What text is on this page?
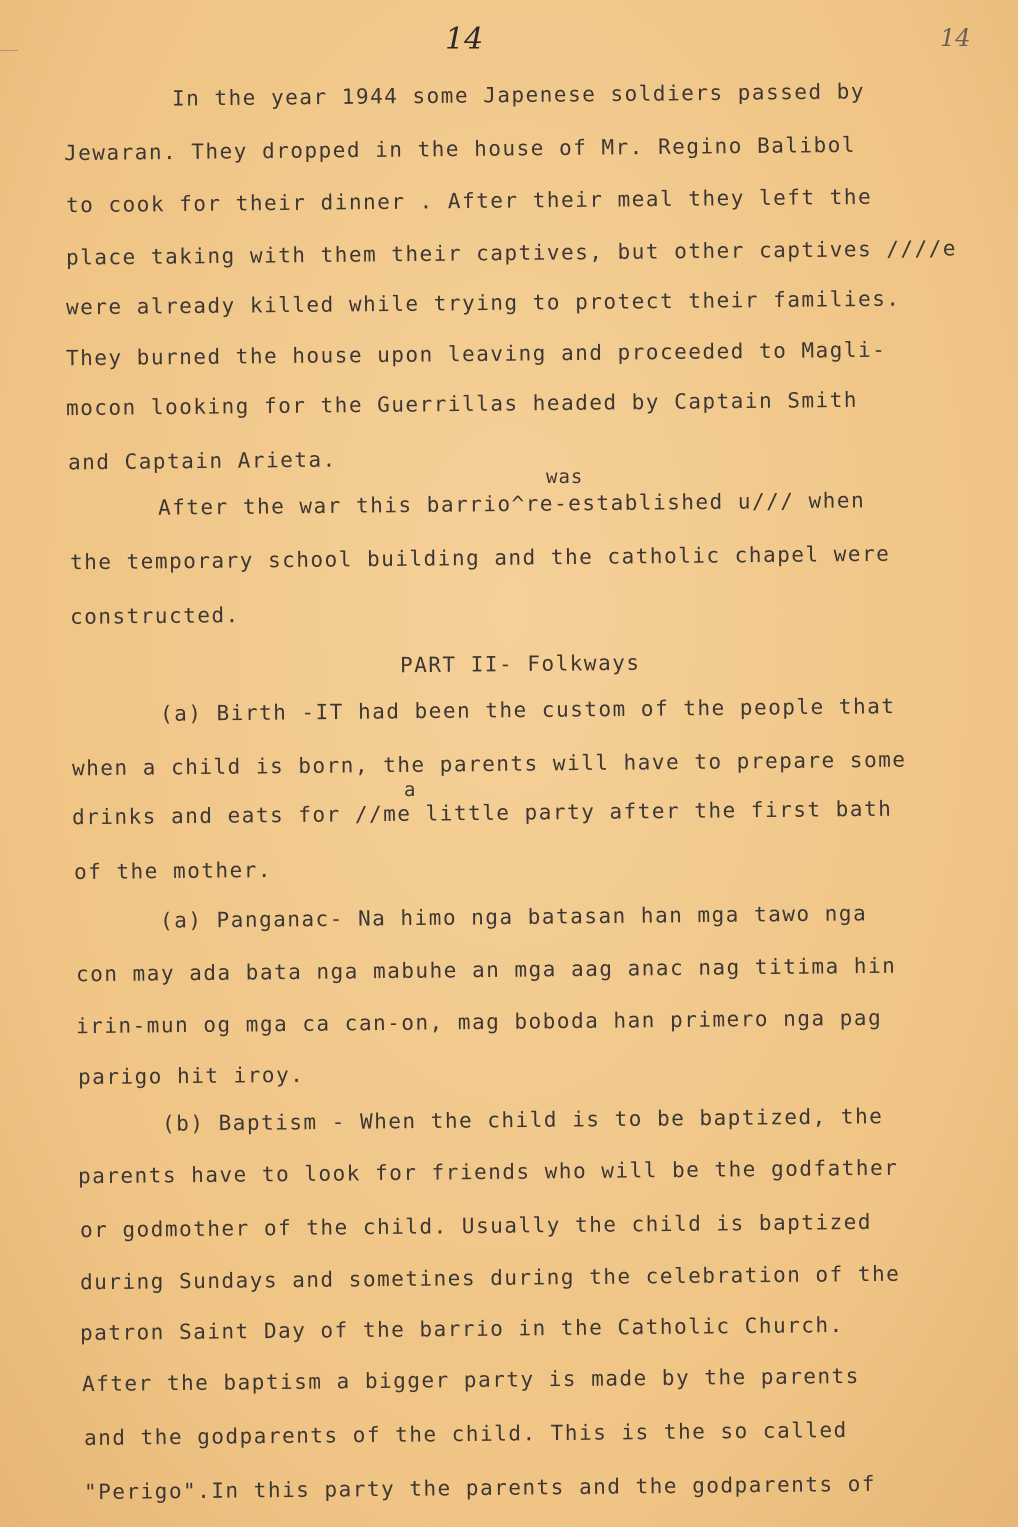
14	14
In the year 1944 some Japenese soldiers passed by
Jewaran. They dropped in the house of Mr. Regino Balibol
to cook for their dinner . After their meal they left the
place taking with them their captives, but other captives ////e
were already killed while trying to protect their families.
They burned the house upon leaving and proceeded to Magli-
mocon looking for the Guerrillas headed by Captain Smith
and Captain Arieta.
was
After the war this barrio^re-established u/// when
the temporary school building and the catholic chapel were
constructed.
PART II- Folkways
(a) Birth -IT had been the custom of the people that
when a child is born, the parents will have to prepare some
a
drinks and eats for //me little party after the first bath
of the mother.
(a) Panganac- Na himo nga batasan han mga tawo nga
con may ada bata nga mabuhe an mga aag anac nag titima hin
irin-mun og mga ca can-on, mag boboda han primero nga pag
parigo hit iroy.
(b) Baptism - When the child is to be baptized, the
parents have to look for friends who will be the godfather
or godmother of the child. Usually the child is baptized
during Sundays and sometines during the celebration of the
patron Saint Day of the barrio in the Catholic Church.
After the baptism a bigger party is made by the parents
and the godparents of the child. This is the so called
"Perigo".In this party the parents and the godparents of
